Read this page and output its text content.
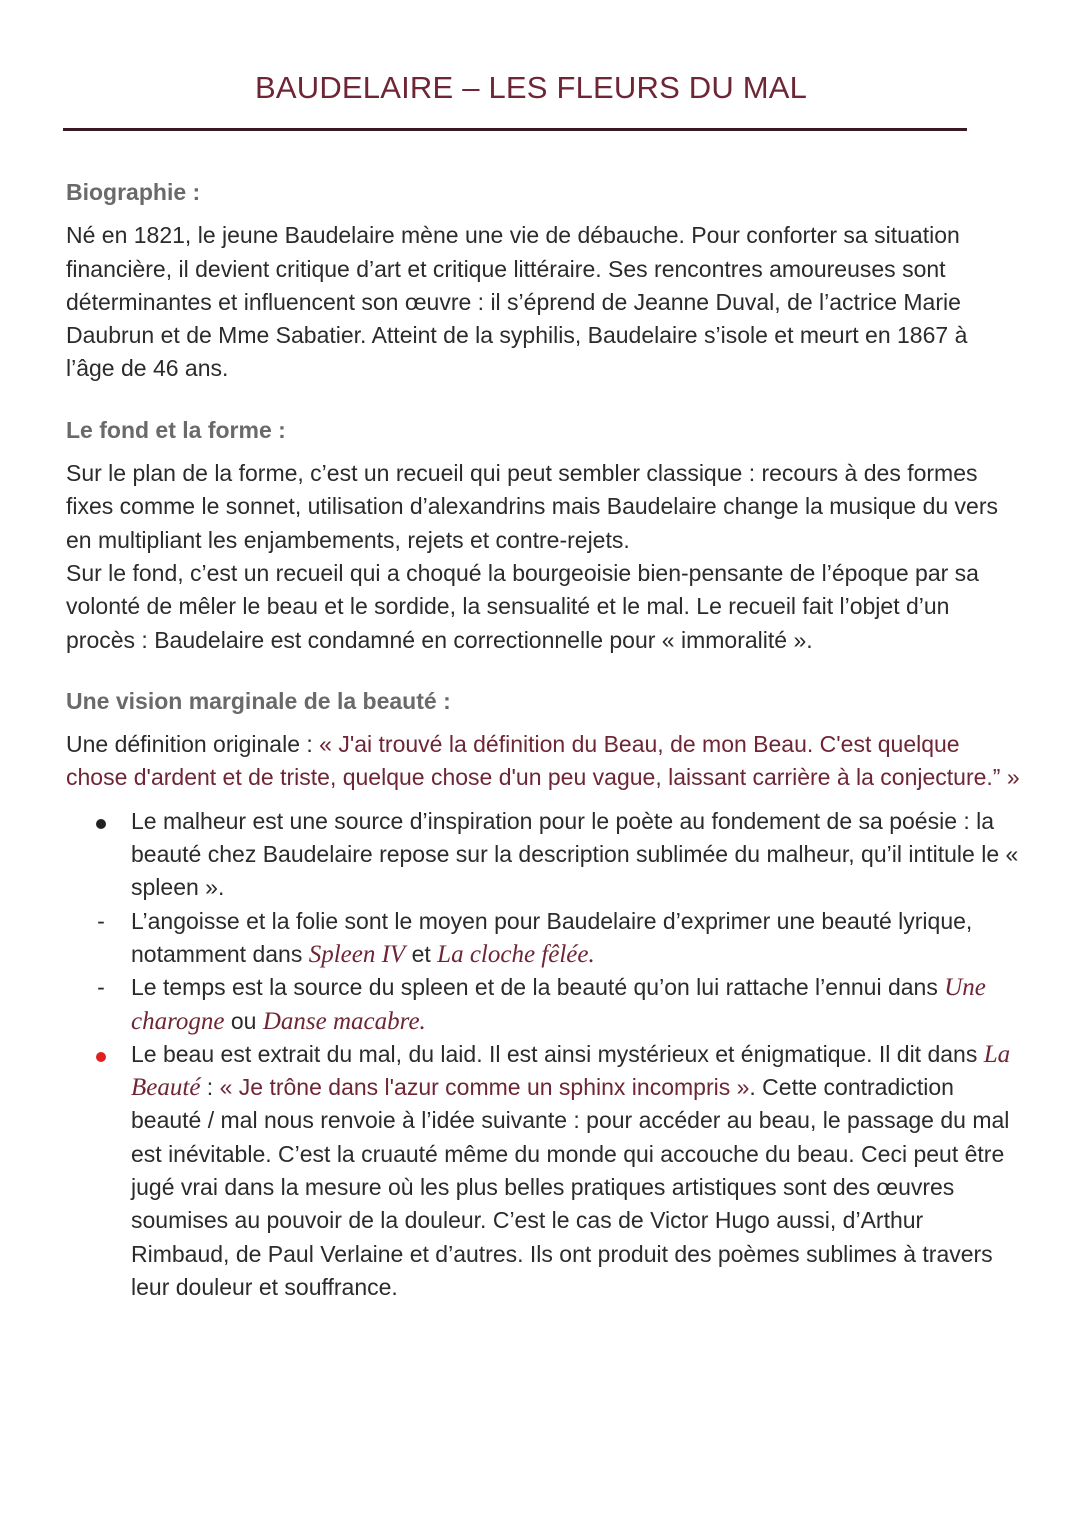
BAUDELAIRE – LES FLEURS DU MAL

Biographie :

Né en 1821, le jeune Baudelaire mène une vie de débauche. Pour conforter sa situation financière, il devient critique d’art et critique littéraire. Ses rencontres amoureuses sont déterminantes et influencent son œuvre : il s’éprend de Jeanne Duval, de l’actrice Marie Daubrun et de Mme Sabatier. Atteint de la syphilis, Baudelaire s’isole et meurt en 1867 à l’âge de 46 ans.

Le fond et la forme :

Sur le plan de la forme, c’est un recueil qui peut sembler classique : recours à des formes fixes comme le sonnet, utilisation d’alexandrins mais Baudelaire change la musique du vers en multipliant les enjambements, rejets et contre-rejets.

Sur le fond, c’est un recueil qui a choqué la bourgeoisie bien-pensante de l’époque par sa volonté de mêler le beau et le sordide, la sensualité et le mal. Le recueil fait l’objet d’un procès : Baudelaire est condamné en correctionnelle pour « immoralité ».

Une vision marginale de la beauté :

Une définition originale : « J'ai trouvé la définition du Beau, de mon Beau. C'est quelque chose d'ardent et de triste, quelque chose d'un peu vague, laissant carrière à la conjecture.” »

Le malheur est une source d’inspiration pour le poète au fondement de sa poésie : la beauté chez Baudelaire repose sur la description sublimée du malheur, qu’il intitule le « spleen ».
-	L’angoisse et la folie sont le moyen pour Baudelaire d’exprimer une beauté lyrique, notamment dans Spleen IV et La cloche fêlée.
-	Le temps est la source du spleen et de la beauté qu’on lui rattache l’ennui dans Une charogne ou Danse macabre.
Le beau est extrait du mal, du laid. Il est ainsi mystérieux et énigmatique. Il dit dans La Beauté : « Je trône dans l'azur comme un sphinx incompris ». Cette contradiction beauté / mal nous renvoie à l’idée suivante : pour accéder au beau, le passage du mal est inévitable. C’est la cruauté même du monde qui accouche du beau. Ceci peut être jugé vrai dans la mesure où les plus belles pratiques artistiques sont des œuvres soumises au pouvoir de la douleur. C’est le cas de Victor Hugo aussi, d’Arthur Rimbaud, de Paul Verlaine et d’autres. Ils ont produit des poèmes sublimes à travers leur douleur et souffrance.
